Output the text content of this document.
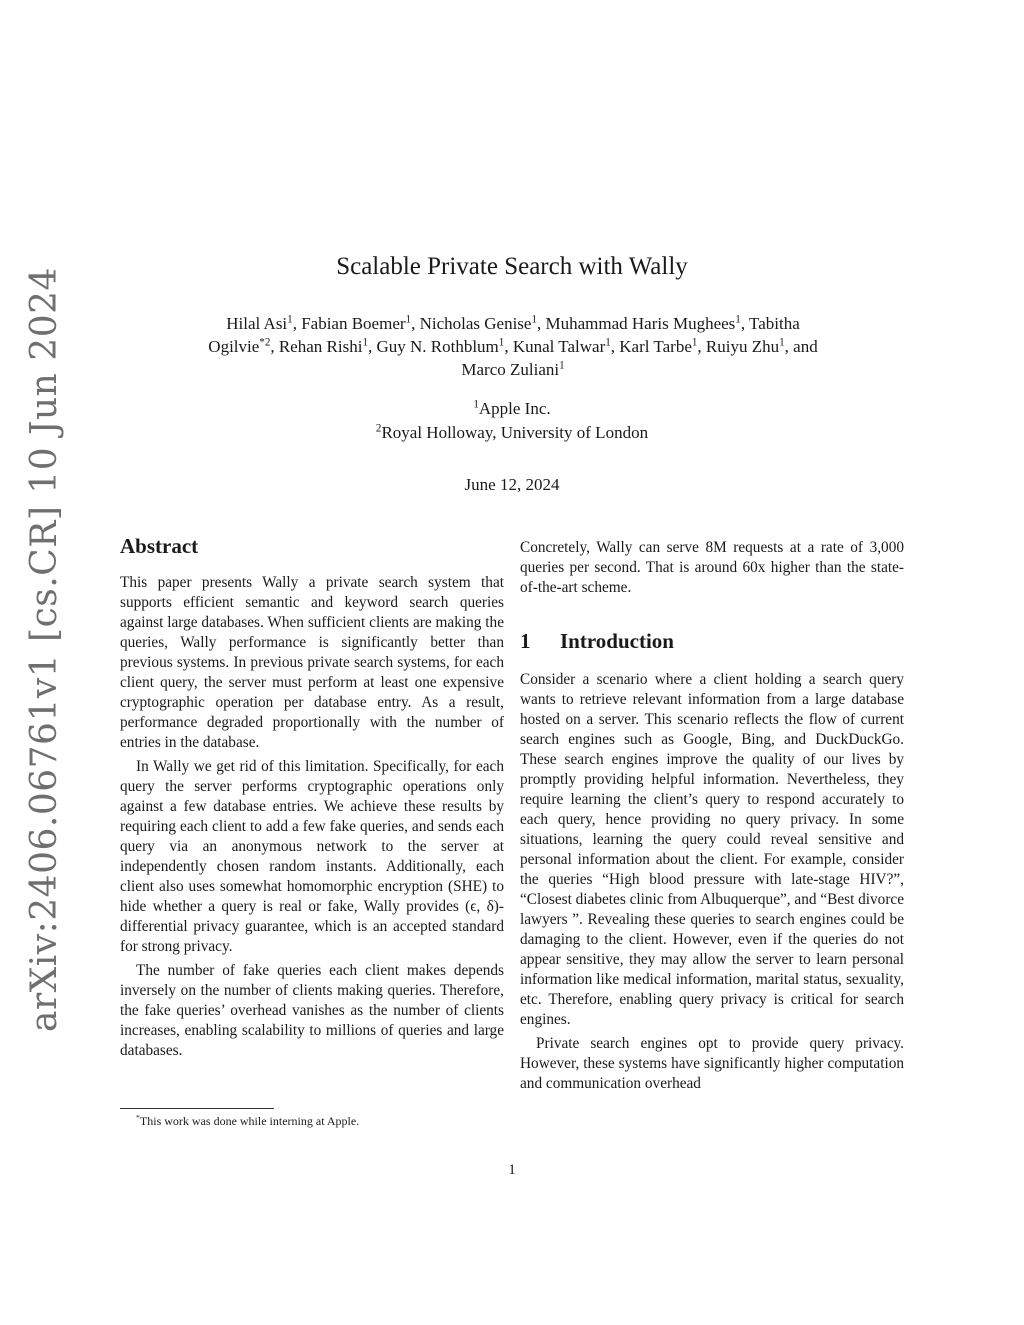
arXiv:2406.06761v1 [cs.CR] 10 Jun 2024
Scalable Private Search with Wally
Hilal Asi$^1$, Fabian Boemer$^1$, Nicholas Genise$^1$, Muhammad Haris Mughees$^1$, Tabitha
Ogilvie$^{*2}$, Rehan Rishi$^1$, Guy N. Rothblum$^1$, Kunal Talwar$^1$, Karl Tarbe$^1$, Ruiyu Zhu$^1$, and
Marco Zuliani$^1$
$^1$Apple Inc.
$^2$Royal Holloway, University of London
June 12, 2024
Abstract

This paper presents Wally a private search system that supports efficient semantic and keyword search queries against large databases. When sufficient clients are making the queries, Wally performance is significantly better than previous systems. In previous private search systems, for each client query, the server must perform at least one expensive cryptographic operation per database entry. As a result, performance degraded proportionally with the number of entries in the database.

In Wally we get rid of this limitation. Specifically, for each query the server performs cryptographic operations only against a few database entries. We achieve these results by requiring each client to add a few fake queries, and sends each query via an anonymous network to the server at independently chosen random instants. Additionally, each client also uses somewhat homomorphic encryption (SHE) to hide whether a query is real or fake, Wally provides (ϵ, δ)-differential privacy guarantee, which is an accepted standard for strong privacy.

The number of fake queries each client makes depends inversely on the number of clients making queries. Therefore, the fake queries’ overhead vanishes as the number of clients increases, enabling scalability to millions of queries and large databases.

Concretely, Wally can serve 8M requests at a rate of 3,000 queries per second. That is around 60x higher than the state-of-the-art scheme.

1 Introduction

Consider a scenario where a client holding a search query wants to retrieve relevant information from a large database hosted on a server. This scenario reflects the flow of current search engines such as Google, Bing, and DuckDuckGo. These search engines improve the quality of our lives by promptly providing helpful information. Nevertheless, they require learning the client’s query to respond accurately to each query, hence providing no query privacy. In some situations, learning the query could reveal sensitive and personal information about the client. For example, consider the queries “High blood pressure with late-stage HIV?”, “Closest diabetes clinic from Albuquerque”, and “Best divorce lawyers ”. Revealing these queries to search engines could be damaging to the client. However, even if the queries do not appear sensitive, they may allow the server to learn personal information like medical information, marital status, sexuality, etc. Therefore, enabling query privacy is critical for search engines.

Private search engines opt to provide query privacy. However, these systems have significantly higher computation and communication overhead

*This work was done while interning at Apple.
1
